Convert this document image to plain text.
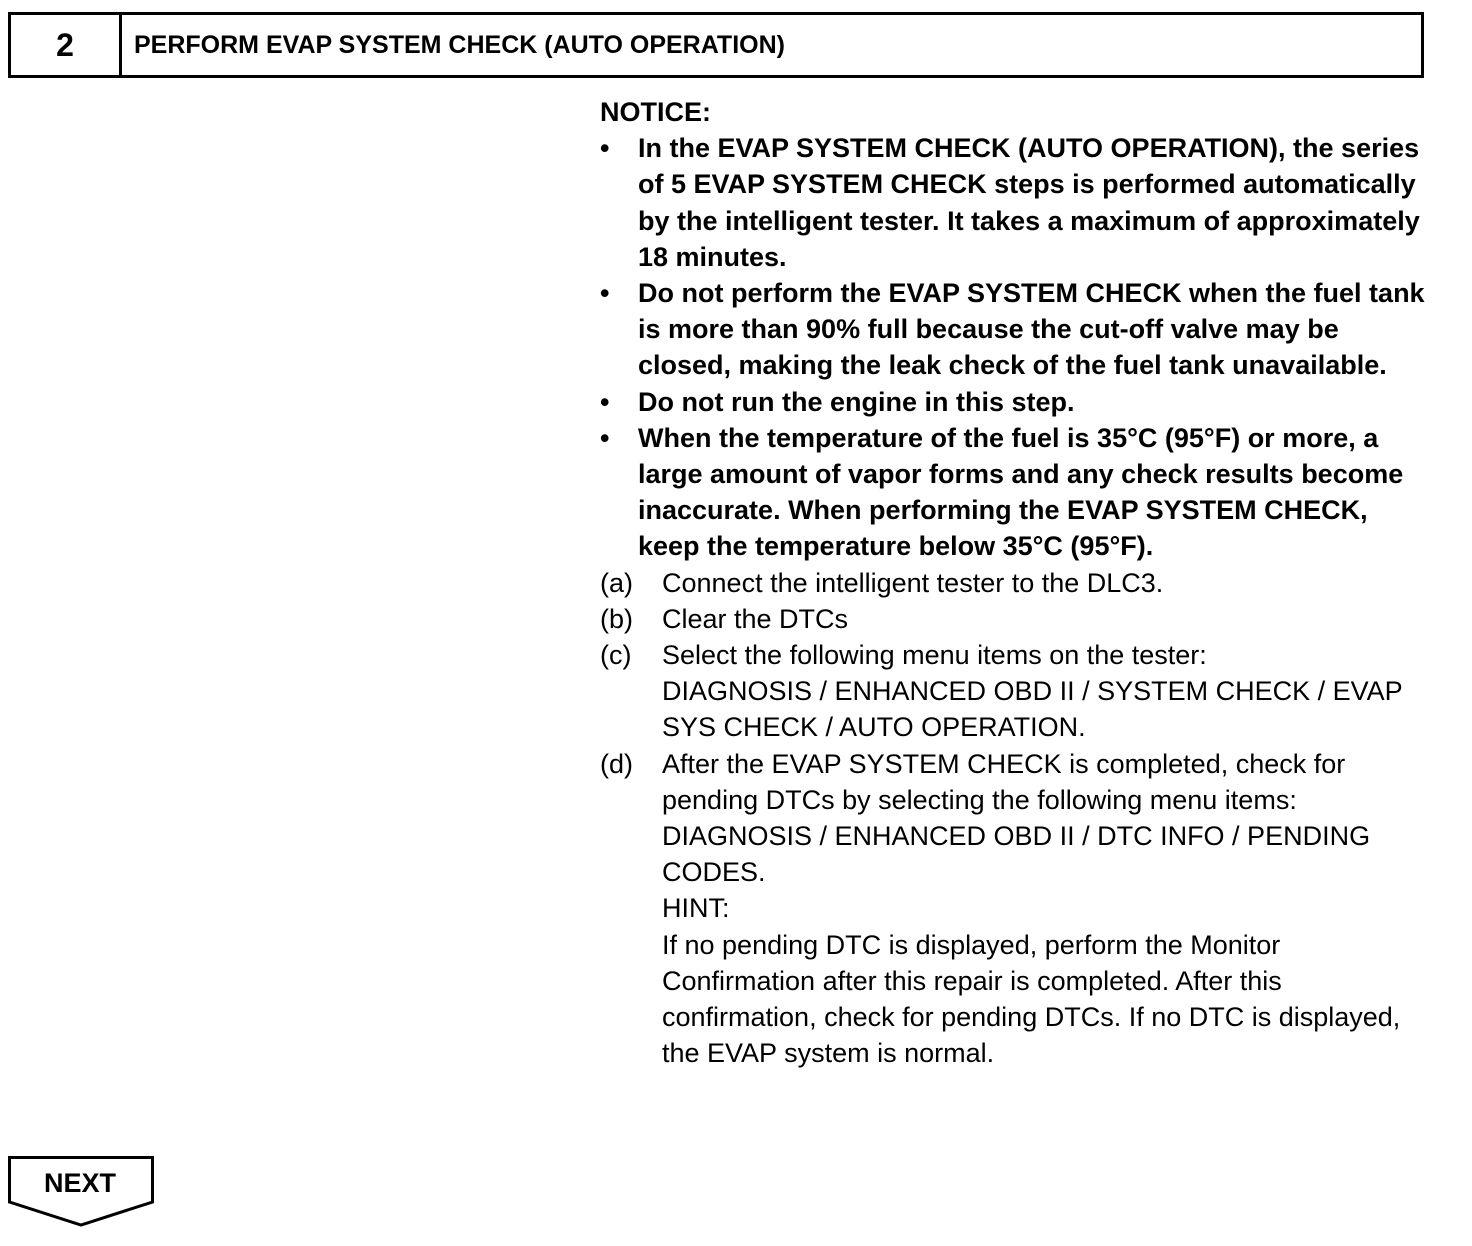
2	PERFORM EVAP SYSTEM CHECK (AUTO OPERATION)
NOTICE:
•	In the EVAP SYSTEM CHECK (AUTO OPERATION), the series of 5 EVAP SYSTEM CHECK steps is performed automatically by the intelligent tester. It takes a maximum of approximately 18 minutes.
•	Do not perform the EVAP SYSTEM CHECK when the fuel tank is more than 90% full because the cut-off valve may be closed, making the leak check of the fuel tank unavailable.
•	Do not run the engine in this step.
•	When the temperature of the fuel is 35°C (95°F) or more, a large amount of vapor forms and any check results become inaccurate. When performing the EVAP SYSTEM CHECK, keep the temperature below 35°C (95°F).
(a)	Connect the intelligent tester to the DLC3.
(b)	Clear the DTCs
(c)	Select the following menu items on the tester:
DIAGNOSIS / ENHANCED OBD II / SYSTEM CHECK / EVAP SYS CHECK / AUTO OPERATION.
(d)	After the EVAP SYSTEM CHECK is completed, check for pending DTCs by selecting the following menu items:
DIAGNOSIS / ENHANCED OBD II / DTC INFO / PENDING CODES.
HINT:
If no pending DTC is displayed, perform the Monitor Confirmation after this repair is completed. After this confirmation, check for pending DTCs. If no DTC is displayed, the EVAP system is normal.
NEXT
